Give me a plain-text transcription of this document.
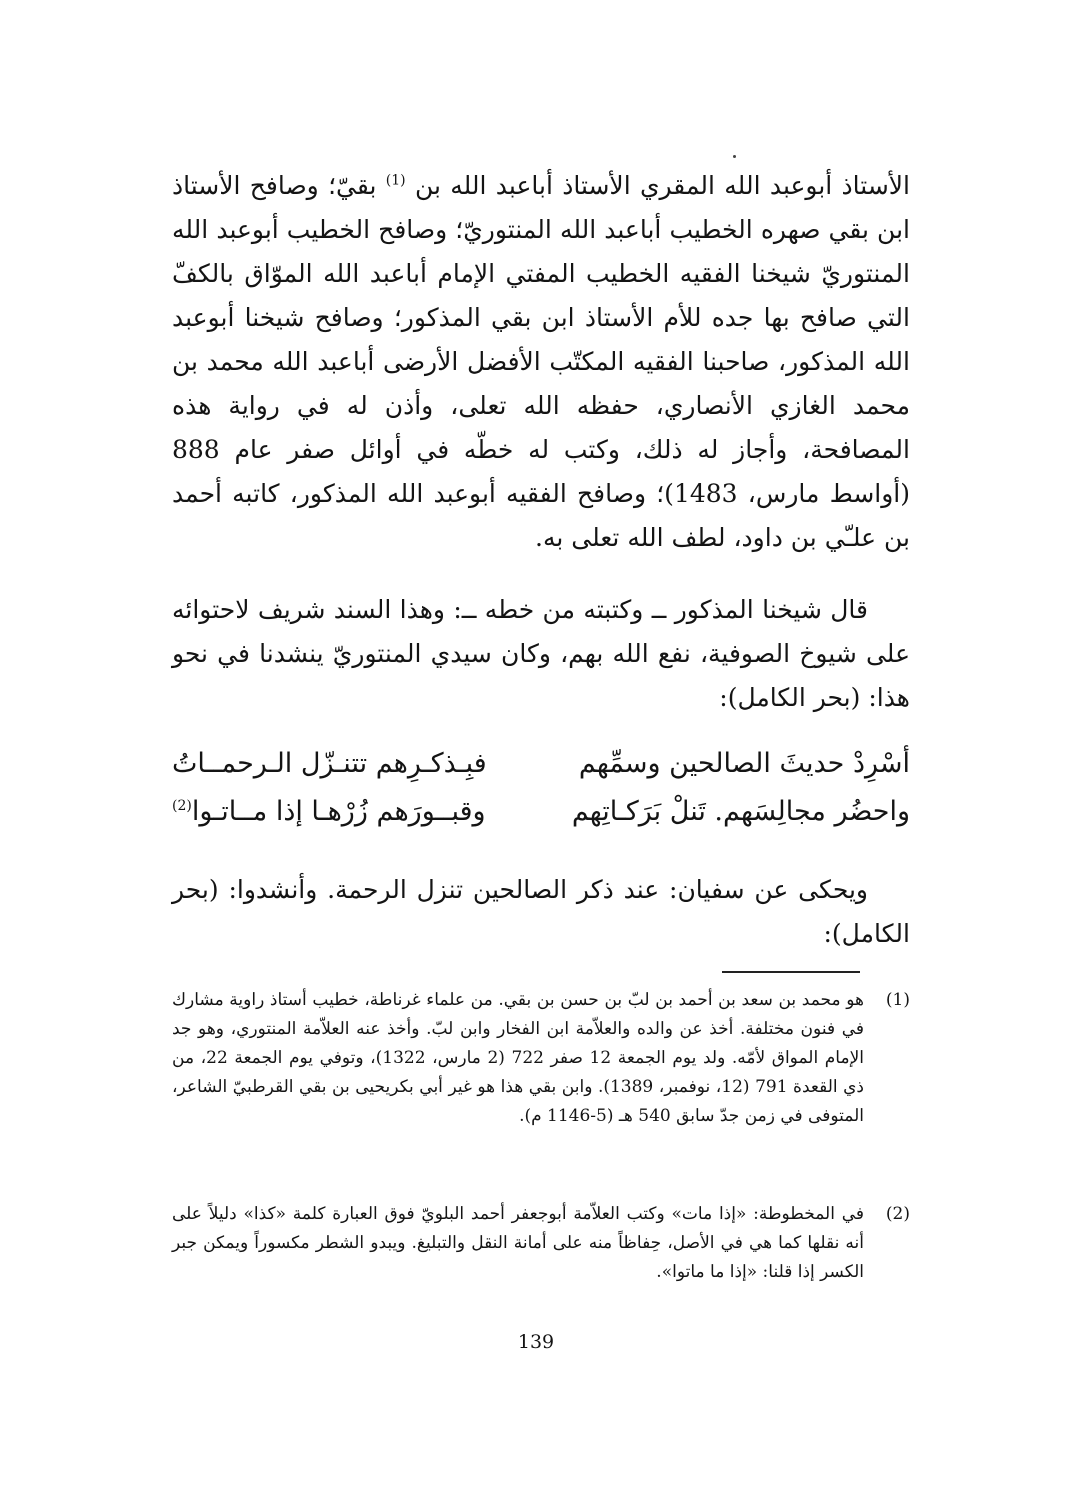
الأستاذ أبوعبد الله المقري الأستاذ أباعبد الله بن $^{(1)}$ بقيّ؛ وصافح الأستاذ ابن بقي صهره الخطيب أباعبد الله المنتوريّ؛ وصافح الخطيب أبوعبد الله المنتوريّ شيخنا الفقيه الخطيب المفتي الإمام أباعبد الله الموّاق بالكفّ التي صافح بها جده للأم الأستاذ ابن بقي المذكور؛ وصافح شيخنا أبوعبد الله المذكور، صاحبنا الفقيه المكتّب الأفضل الأرضى أباعبد الله محمد بن محمد الغازي الأنصاري، حفظه الله تعلى، وأذن له في رواية هذه المصافحة، وأجاز له ذلك، وكتب له خطّه في أوائل صفر عام 888 (أواسط مارس، 1483)؛ وصافح الفقيه أبوعبد الله المذكور، كاتبه أحمد بن علـّي بن داود، لطف الله تعلى به.

قال شيخنا المذكور ــ وكتبته من خطه ــ: وهذا السند شريف لاحتوائه على شيوخ الصوفية، نفع الله بهم، وكان سيدي المنتوريّ ينشدنا في نحو هذا: (بحر الكامل):

أسْرِدْ حديثَ الصالحين وسمِّهم
فبِـذكـرِهم تتنـزّل الـرحمــاتُ
واحضُر مجالِسَهم. تَنلْ بَرَكـاتِهم
وقبــورَهم زُرْهـا إذا مــاتـوا$^{(2)}$

ويحكى عن سفيان: عند ذكر الصالحين تنزل الرحمة. وأنشدوا: (بحر الكامل):

(1)
هو محمد بن سعد بن أحمد بن لبّ بن حسن بن بقي. من علماء غرناطة، خطيب أستاذ راوية مشارك في فنون مختلفة. أخذ عن والده والعلاّمة ابن الفخار وابن لبّ. وأخذ عنه العلاّمة المنتوري، وهو جد الإمام المواق لأمّه. ولد يوم الجمعة 12 صفر 722 (2 مارس، 1322)، وتوفي يوم الجمعة 22، من ذي القعدة 791 (12، نوفمبر، 1389). وابن بقي هذا هو غير أبي بكريحيى بن بقي القرطبيّ الشاعر، المتوفى في زمن جدّ سابق 540 هـ (5-1146 م).
(2)
في المخطوطة: «إذا مات» وكتب العلاّمة أبوجعفر أحمد البلويّ فوق العبارة كلمة «كذا» دليلاً على أنه نقلها كما هي في الأصل، حِفاظاً منه على أمانة النقل والتبليغ. ويبدو الشطر مكسوراً ويمكن جبر الكسر إذا قلنا: «إذا ما ماتوا».
139
